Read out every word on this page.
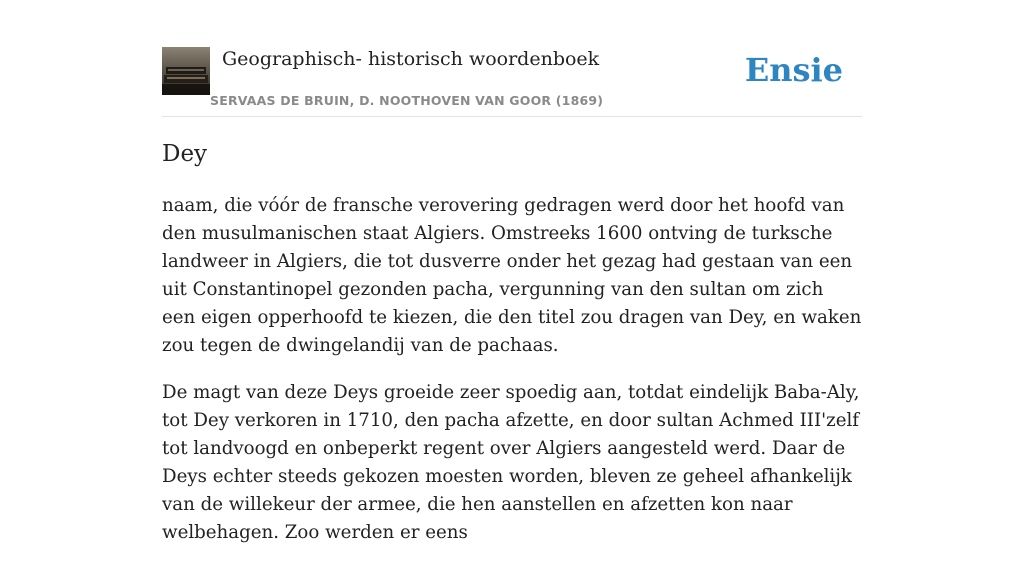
Geographisch- historisch woordenboek
SERVAAS DE BRUIN, D. NOOTHOVEN VAN GOOR (1869)
Ensie
Dey

naam, die vóór de fransche verovering gedragen werd door het hoofd van den musulmanischen staat Algiers. Omstreeks 1600 ontving de turksche landweer in Algiers, die tot dusverre onder het gezag had gestaan van een uit Constantinopel gezonden pacha, vergunning van den sultan om zich een eigen opperhoofd te kiezen, die den titel zou dragen van Dey, en waken zou tegen de dwingelandij van de pachaas.

De magt van deze Deys groeide zeer spoedig aan, totdat eindelijk Baba-Aly, tot Dey verkoren in 1710, den pacha afzette, en door sultan Achmed III'zelf tot landvoogd en onbeperkt regent over Algiers aangesteld werd. Daar de Deys echter steeds gekozen moesten worden, bleven ze geheel afhankelijk van de willekeur der armee, die hen aanstellen en afzetten kon naar welbehagen. Zoo werden er eens
